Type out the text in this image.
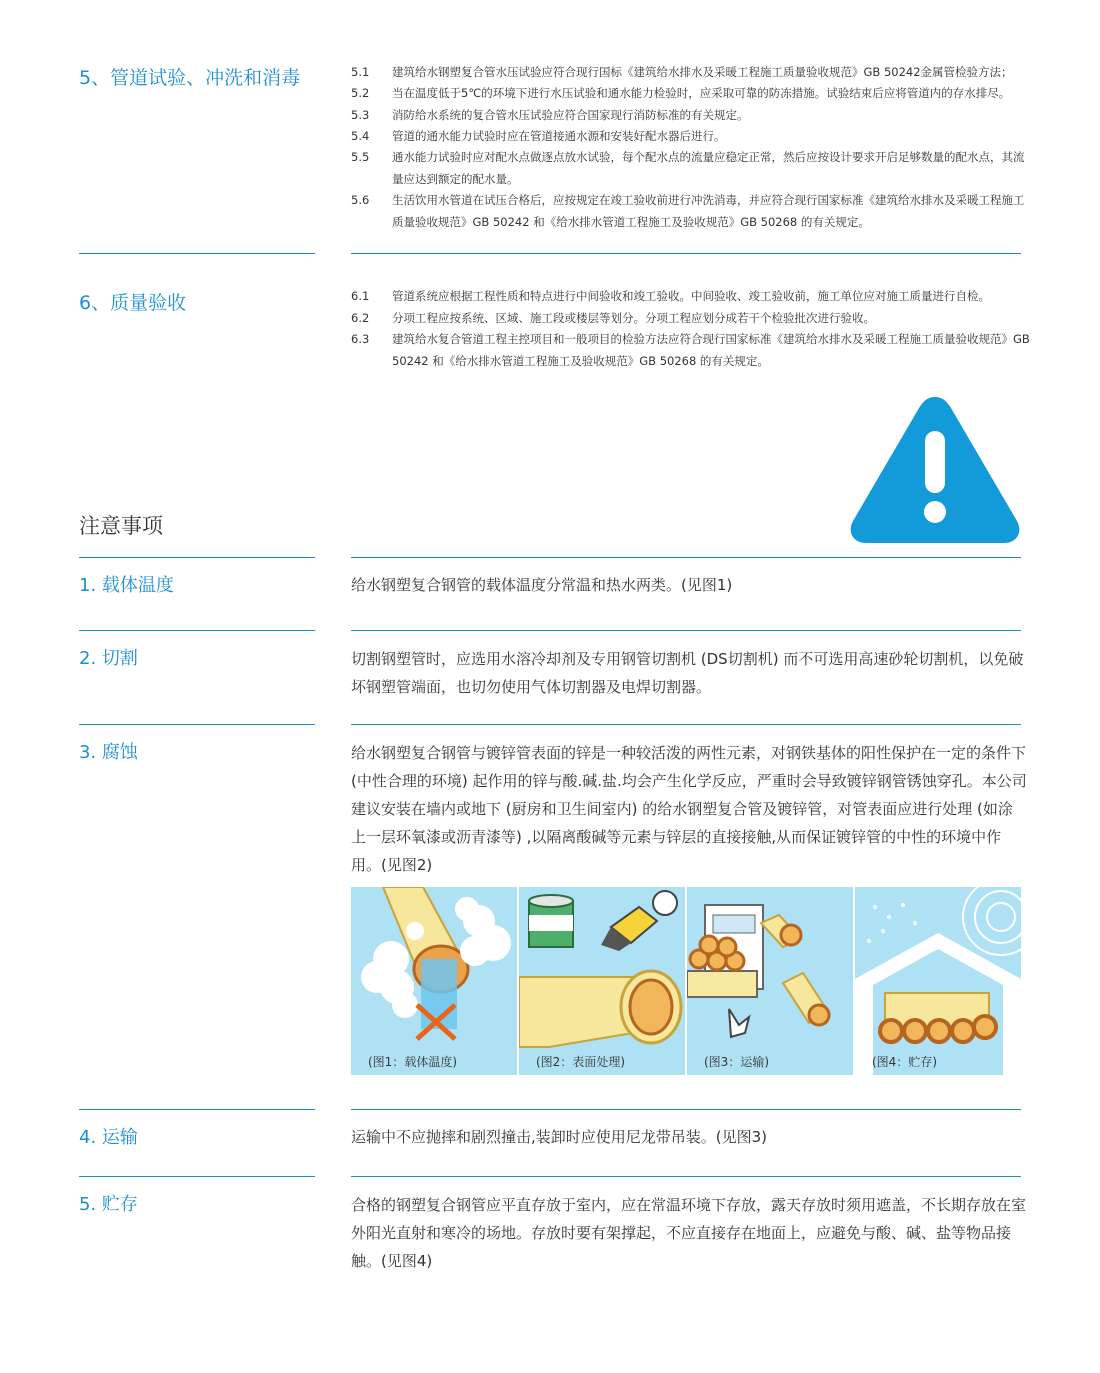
5、管道试验、冲洗和消毒	5.1	建筑给水钢塑复合管水压试验应符合现行国标《建筑给水排水及采暖工程施工质量验收规范》GB 50242金属管检验方法；
5.2	当在温度低于5℃的环境下进行水压试验和通水能力检验时，应采取可靠的防冻措施。试验结束后应将管道内的存水排尽。
5.3	消防给水系统的复合管水压试验应符合国家现行消防标准的有关规定。
5.4	管道的通水能力试验时应在管道接通水源和安装好配水器后进行。
5.5	通水能力试验时应对配水点做逐点放水试验，每个配水点的流量应稳定正常，然后应按设计要求开启足够数量的配水点，其流量应达到额定的配水量。
5.6	生活饮用水管道在试压合格后，应按规定在竣工验收前进行冲洗消毒，并应符合现行国家标准《建筑给水排水及采暖工程施工质量验收规范》GB 50242 和《给水排水管道工程施工及验收规范》GB 50268 的有关规定。
6、质量验收	6.1	管道系统应根据工程性质和特点进行中间验收和竣工验收。中间验收、竣工验收前，施工单位应对施工质量进行自检。
6.2	分项工程应按系统、区域、施工段或楼层等划分。分项工程应划分成若干个检验批次进行验收。
6.3	建筑给水复合管道工程主控项目和一般项目的检验方法应符合现行国家标准《建筑给水排水及采暖工程施工质量验收规范》GB 50242 和《给水排水管道工程施工及验收规范》GB 50268 的有关规定。
注意事项
1. 载体温度	给水钢塑复合钢管的载体温度分常温和热水两类。(见图1)
2. 切割	切割钢塑管时，应选用水溶冷却剂及专用钢管切割机 (DS切割机) 而不可选用高速砂轮切割机，以免破坏钢塑管端面，也切勿使用气体切割器及电焊切割器。
3. 腐蚀	给水钢塑复合钢管与镀锌管表面的锌是一种较活泼的两性元素，对钢铁基体的阳性保护在一定的条件下 (中性合理的环境) 起作用的锌与酸.碱.盐.均会产生化学反应，严重时会导致镀锌钢管锈蚀穿孔。本公司建议安装在墙内或地下 (厨房和卫生间室内) 的给水钢塑复合管及镀锌管，对管表面应进行处理 (如涂上一层环氧漆或沥青漆等) ,以隔离酸碱等元素与锌层的直接接触,从而保证镀锌管的中性的环境中作用。(见图2)
(图1：载体温度)	(图2：表面处理)	(图3：运输)	(图4：贮存)
4. 运输	运输中不应抛摔和剧烈撞击,装卸时应使用尼龙带吊装。(见图3)
5. 贮存	合格的钢塑复合钢管应平直存放于室内，应在常温环境下存放，露天存放时须用遮盖，不长期存放在室外阳光直射和寒冷的场地。存放时要有架撑起，不应直接存在地面上，应避免与酸、碱、盐等物品接触。(见图4)
